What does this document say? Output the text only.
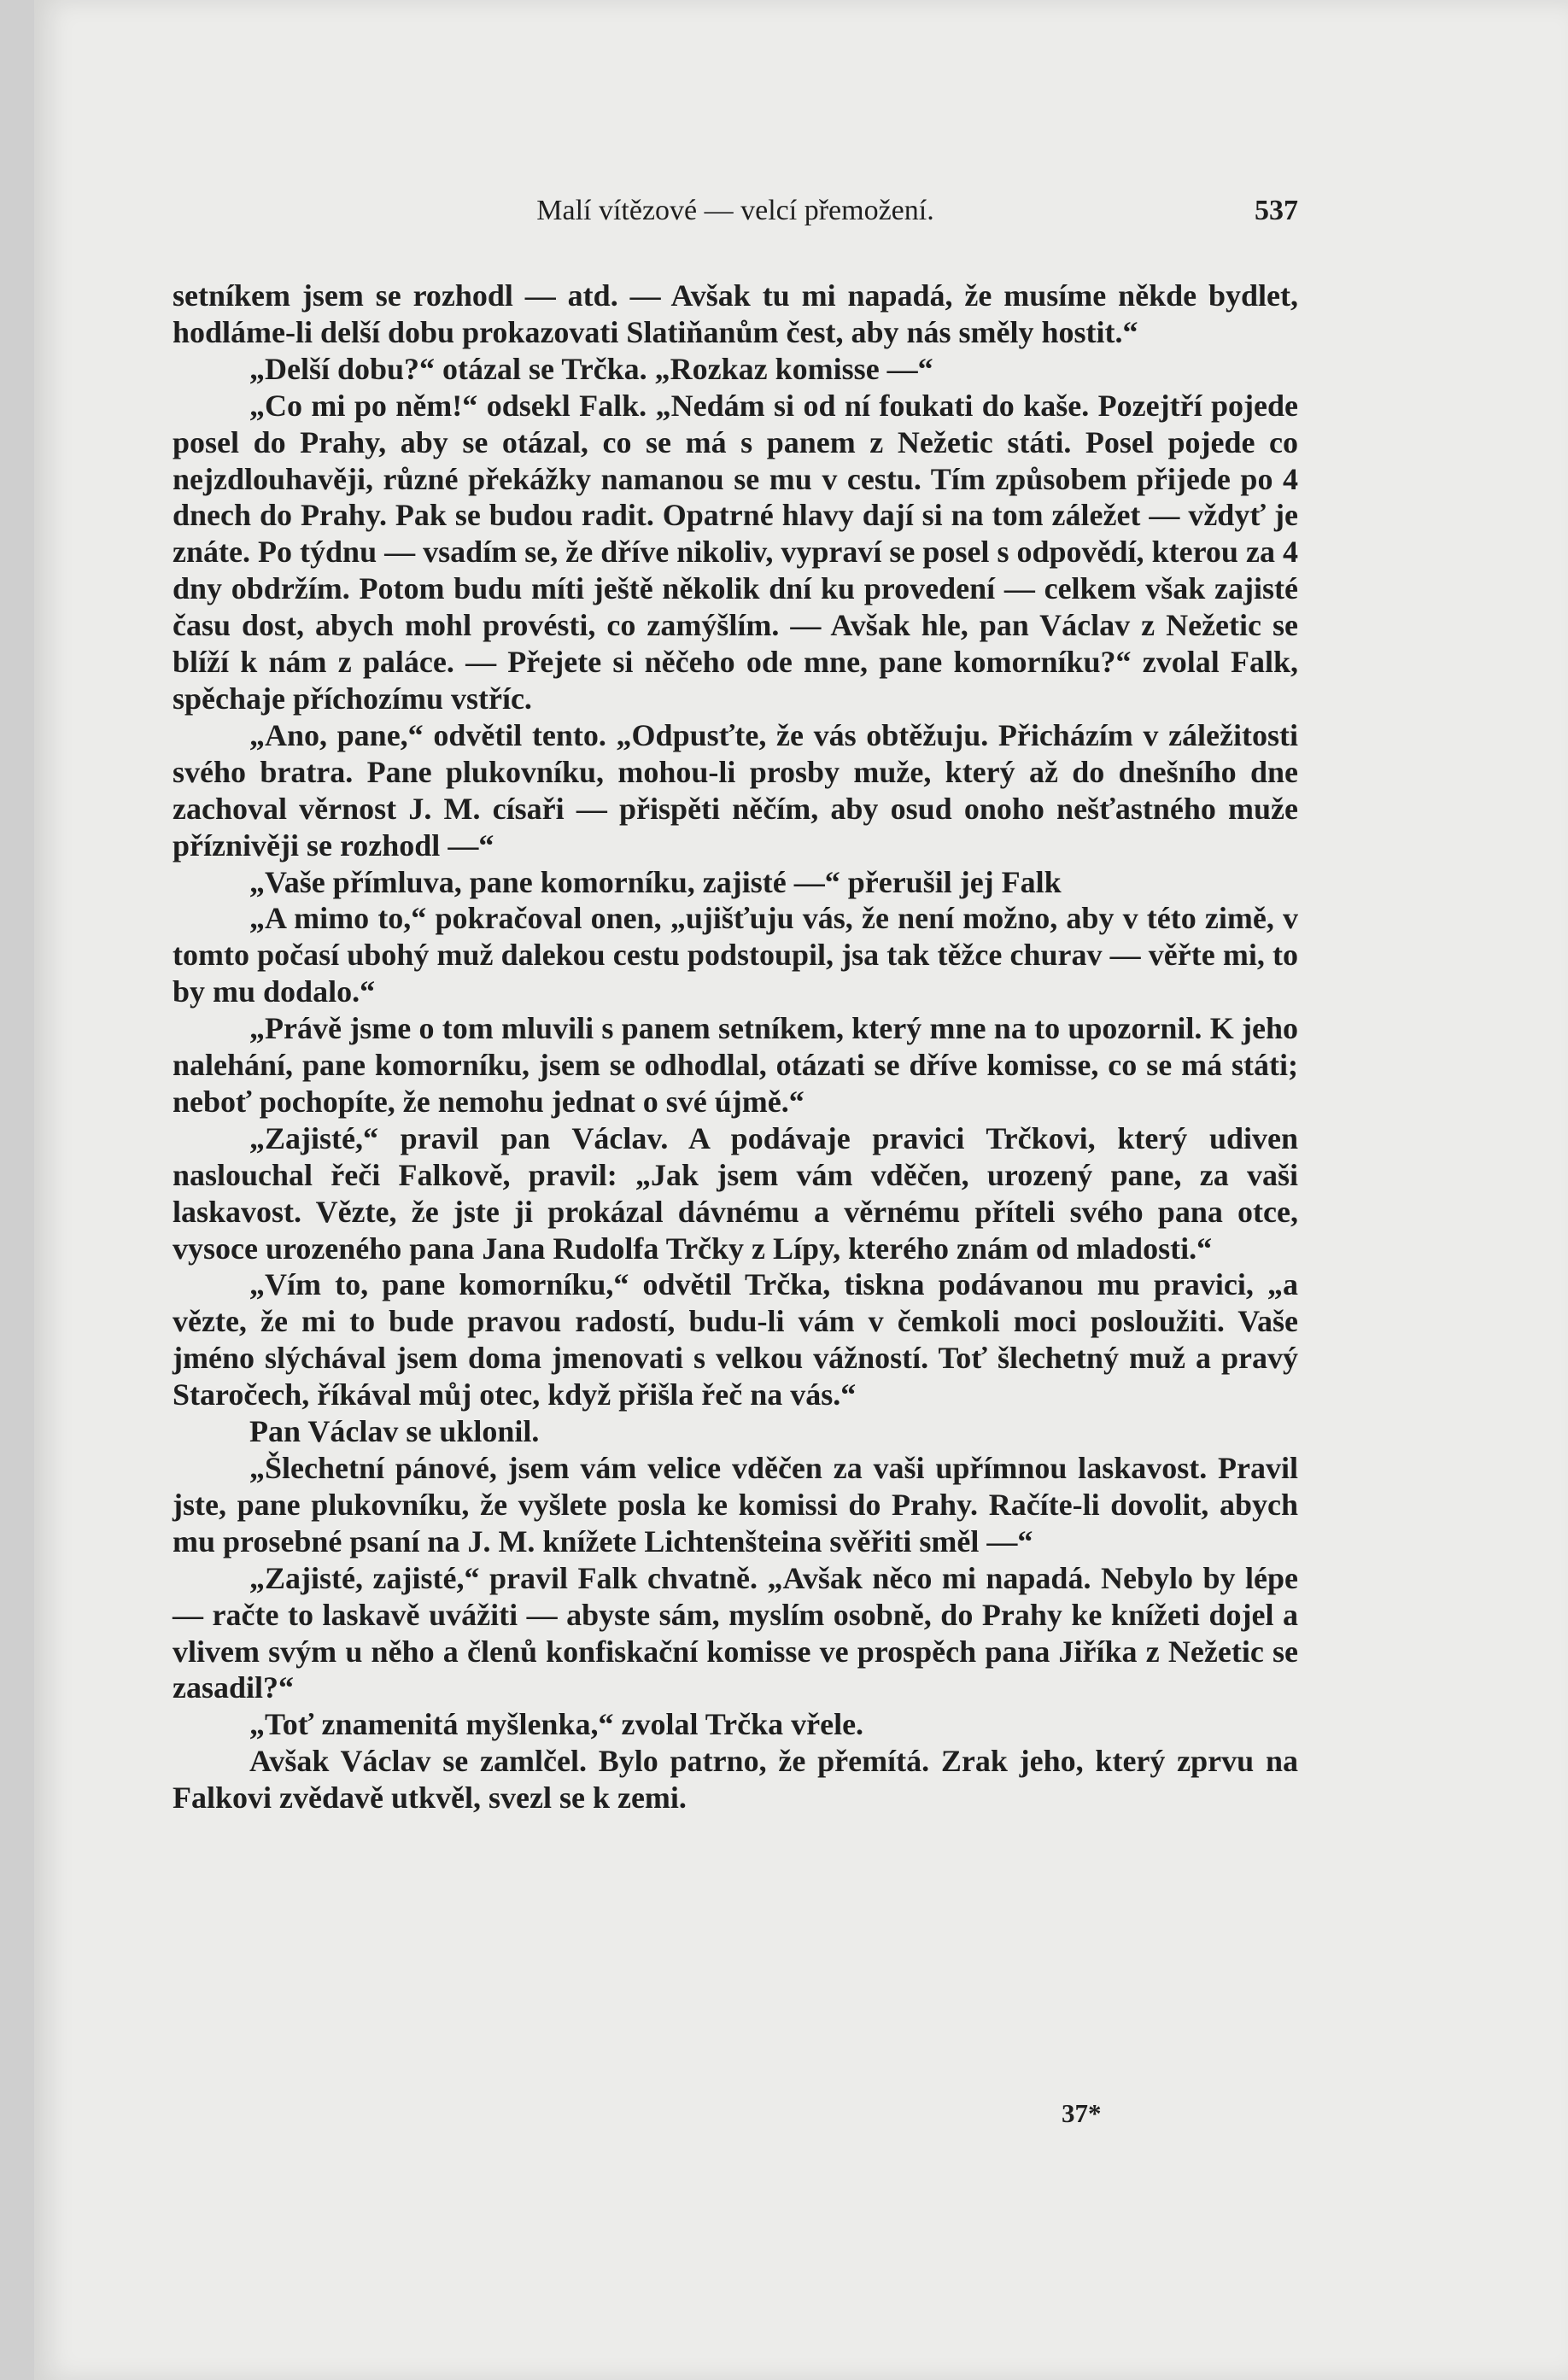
Malí vítězové — velcí přemožení.	537

setníkem jsem se rozhodl — atd. — Avšak tu mi napadá, že musíme někde bydlet, hodláme-li delší dobu prokazovati Slatiňanům čest, aby nás směly hostit.“

„Delší dobu?“ otázal se Trčka. „Rozkaz komisse —“

„Co mi po něm!“ odsekl Falk. „Nedám si od ní foukati do kaše. Pozejtří pojede posel do Prahy, aby se otázal, co se má s panem z Nežetic státi. Posel pojede co nejzdlouhavěji, různé překážky namanou se mu v cestu. Tím způsobem přijede po 4 dnech do Prahy. Pak se budou radit. Opatrné hlavy dají si na tom záležet — vždyť je znáte. Po týdnu — vsadím se, že dříve nikoliv, vypraví se posel s odpovědí, kterou za 4 dny obdržím. Potom budu míti ještě několik dní ku provedení — celkem však zajisté času dost, abych mohl provésti, co zamýšlím. — Avšak hle, pan Václav z Nežetic se blíží k nám z paláce. — Přejete si něčeho ode mne, pane komorníku?“ zvolal Falk, spěchaje příchozímu vstříc.

„Ano, pane,“ odvětil tento. „Odpusťte, že vás obtěžuju. Přicházím v záležitosti svého bratra. Pane plukovníku, mohou-li prosby muže, který až do dnešního dne zachoval věrnost J. M. císaři — přispěti něčím, aby osud onoho nešťastného muže příznivěji se rozhodl —“

„Vaše přímluva, pane komorníku, zajisté —“ přerušil jej Falk

„A mimo to,“ pokračoval onen, „ujišťuju vás, že není možno, aby v této zimě, v tomto počasí ubohý muž dalekou cestu podstoupil, jsa tak těžce churav — věřte mi, to by mu dodalo.“

„Právě jsme o tom mluvili s panem setníkem, který mne na to upozornil. K jeho nalehání, pane komorníku, jsem se odhodlal, otázati se dříve komisse, co se má státi; neboť pochopíte, že nemohu jednat o své újmě.“

„Zajisté,“ pravil pan Václav. A podávaje pravici Trčkovi, který udiven naslouchal řeči Falkově, pravil: „Jak jsem vám vděčen, urozený pane, za vaši laskavost. Vězte, že jste ji prokázal dávnému a věrnému příteli svého pana otce, vysoce urozeného pana Jana Rudolfa Trčky z Lípy, kterého znám od mladosti.“

„Vím to, pane komorníku,“ odvětil Trčka, tiskna podávanou mu pravici, „a vězte, že mi to bude pravou radostí, budu-li vám v čemkoli moci posloužiti. Vaše jméno slýchával jsem doma jmenovati s velkou vážností. Toť šlechetný muž a pravý Staročech, říkával můj otec, když přišla řeč na vás.“

Pan Václav se uklonil.

„Šlechetní pánové, jsem vám velice vděčen za vaši upřímnou laskavost. Pravil jste, pane plukovníku, že vyšlete posla ke komissi do Prahy. Račíte-li dovolit, abych mu prosebné psaní na J. M. knížete Lichtenšteina svěřiti směl —“

„Zajisté, zajisté,“ pravil Falk chvatně. „Avšak něco mi napadá. Nebylo by lépe — račte to laskavě uvážiti — abyste sám, myslím osobně, do Prahy ke knížeti dojel a vlivem svým u něho a členů konfiskační komisse ve prospěch pana Jiříka z Nežetic se zasadil?“

„Toť znamenitá myšlenka,“ zvolal Trčka vřele.

Avšak Václav se zamlčel. Bylo patrno, že přemítá. Zrak jeho, který zprvu na Falkovi zvědavě utkvěl, svezl se k zemi.

37*
